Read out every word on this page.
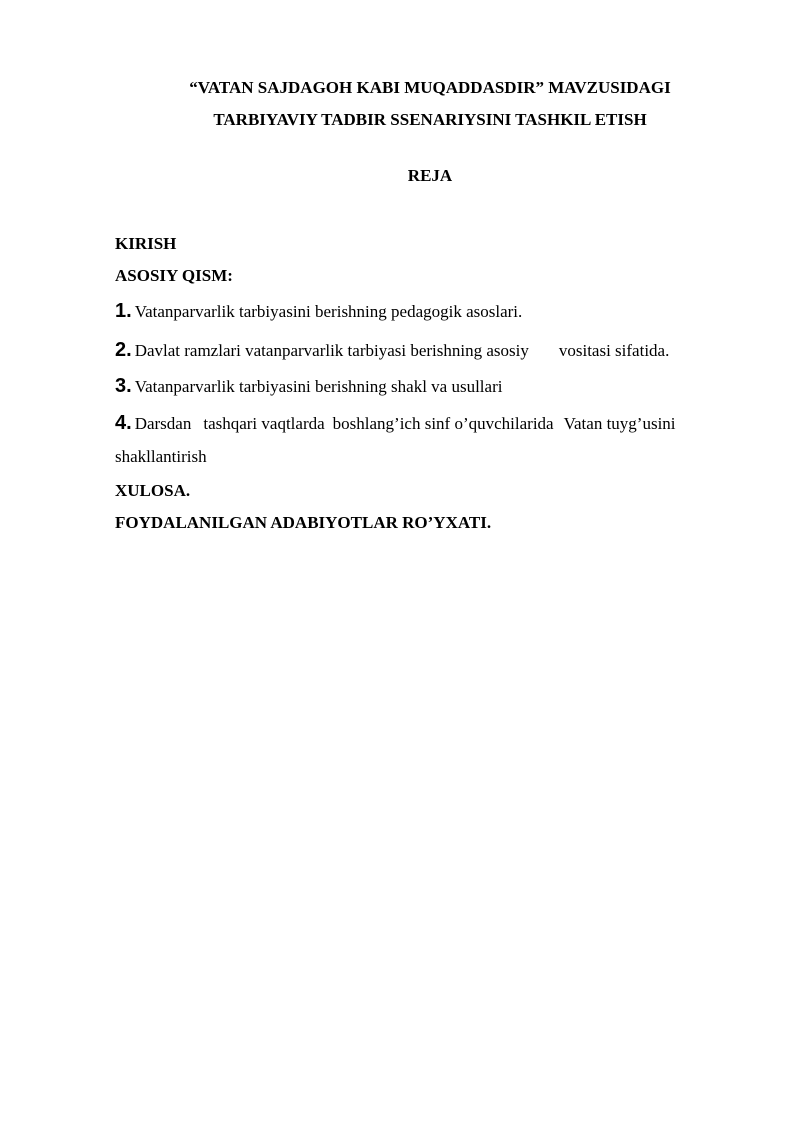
“VATAN SAJDAGOH KABI MUQADDASDIR” MAVZUSIDAGI
TARBIYAVIY TADBIR SSENARIYSINI TASHKIL ETISH
REJA
KIRISH
ASOSIY QISM:
1. Vatanparvarlik tarbiyasini berishning pedagogik asoslari.
2. Davlat ramzlari vatanparvarlik tarbiyasi berishning asosiy vositasi sifatida.
3. Vatanparvarlik tarbiyasini berishning shakl va usullari
4. Darsdan tashqari vaqtlarda boshlang’ich sinf o’quvchilarida Vatan tuyg’usini
shakllantirish
XULOSA.
FOYDALANILGAN ADABIYOTLAR RO’YXATI.
